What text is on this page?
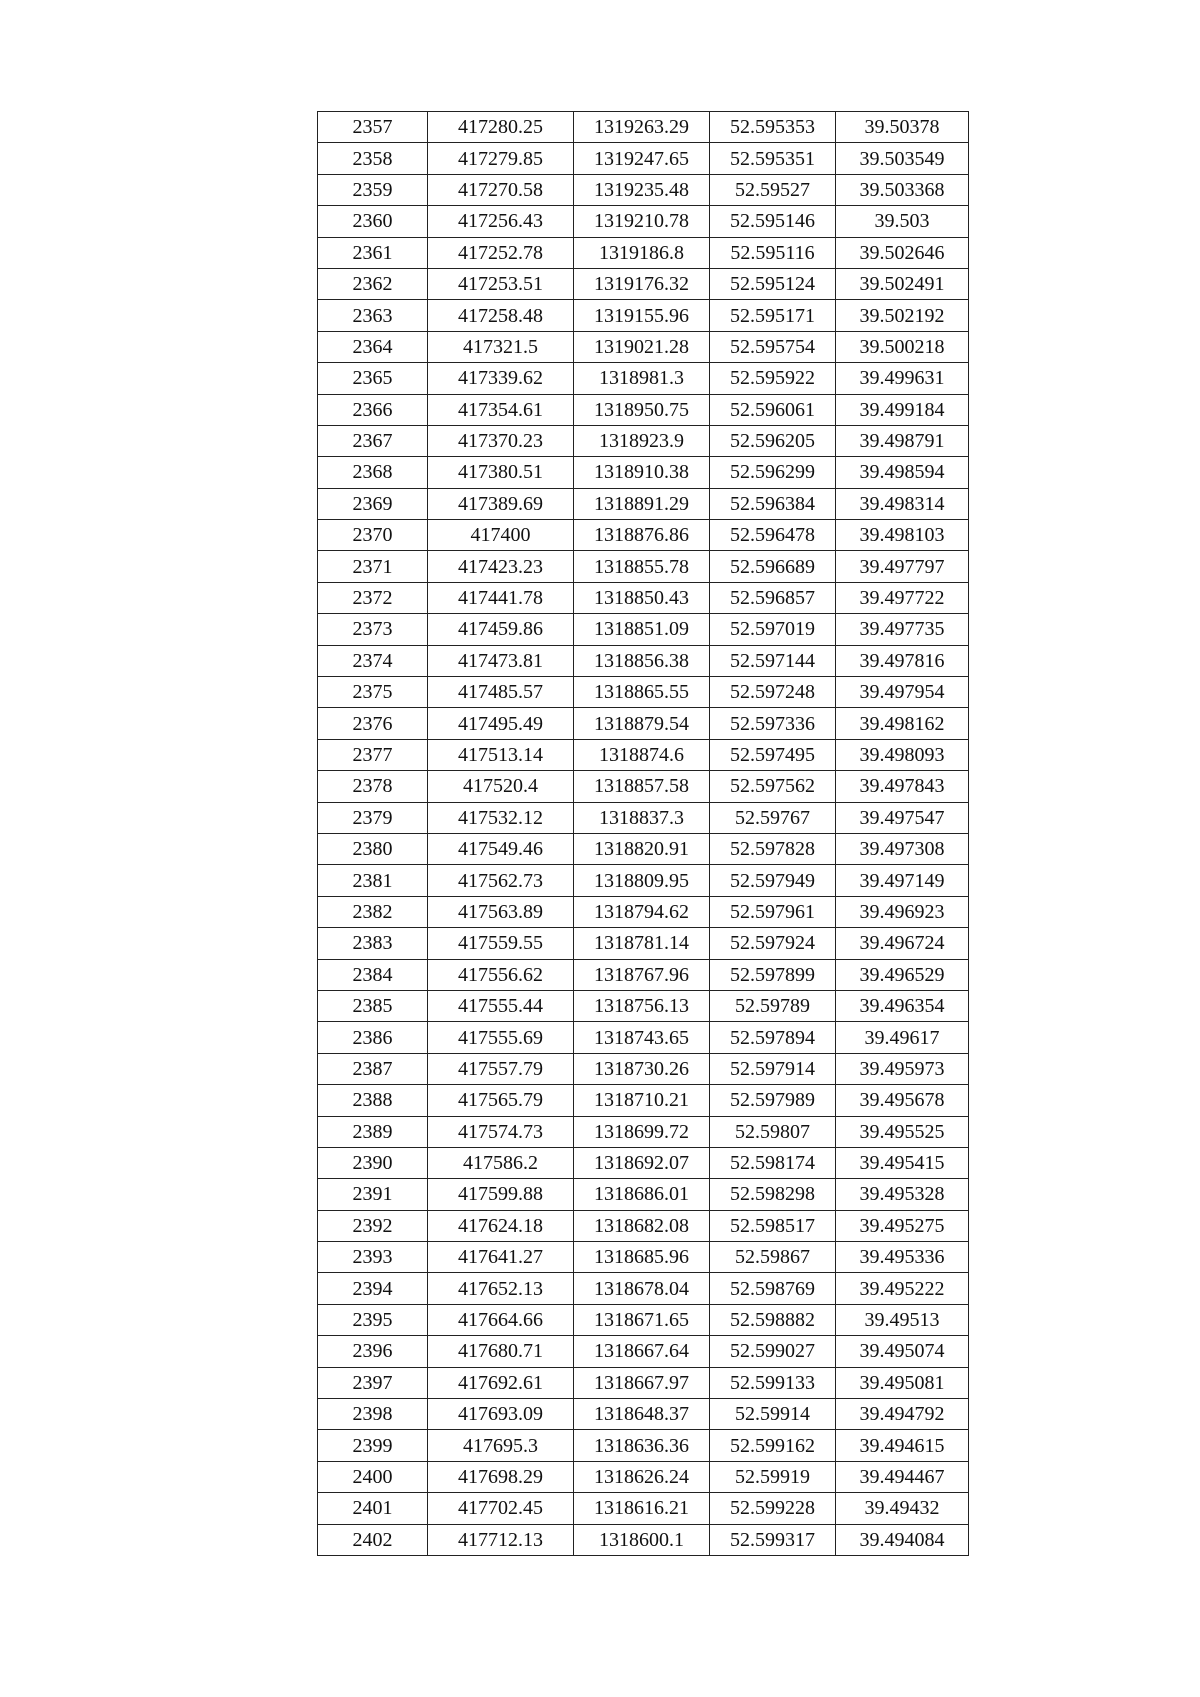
2357	417280.25	1319263.29	52.595353	39.50378
2358	417279.85	1319247.65	52.595351	39.503549
2359	417270.58	1319235.48	52.59527	39.503368
2360	417256.43	1319210.78	52.595146	39.503
2361	417252.78	1319186.8	52.595116	39.502646
2362	417253.51	1319176.32	52.595124	39.502491
2363	417258.48	1319155.96	52.595171	39.502192
2364	417321.5	1319021.28	52.595754	39.500218
2365	417339.62	1318981.3	52.595922	39.499631
2366	417354.61	1318950.75	52.596061	39.499184
2367	417370.23	1318923.9	52.596205	39.498791
2368	417380.51	1318910.38	52.596299	39.498594
2369	417389.69	1318891.29	52.596384	39.498314
2370	417400	1318876.86	52.596478	39.498103
2371	417423.23	1318855.78	52.596689	39.497797
2372	417441.78	1318850.43	52.596857	39.497722
2373	417459.86	1318851.09	52.597019	39.497735
2374	417473.81	1318856.38	52.597144	39.497816
2375	417485.57	1318865.55	52.597248	39.497954
2376	417495.49	1318879.54	52.597336	39.498162
2377	417513.14	1318874.6	52.597495	39.498093
2378	417520.4	1318857.58	52.597562	39.497843
2379	417532.12	1318837.3	52.59767	39.497547
2380	417549.46	1318820.91	52.597828	39.497308
2381	417562.73	1318809.95	52.597949	39.497149
2382	417563.89	1318794.62	52.597961	39.496923
2383	417559.55	1318781.14	52.597924	39.496724
2384	417556.62	1318767.96	52.597899	39.496529
2385	417555.44	1318756.13	52.59789	39.496354
2386	417555.69	1318743.65	52.597894	39.49617
2387	417557.79	1318730.26	52.597914	39.495973
2388	417565.79	1318710.21	52.597989	39.495678
2389	417574.73	1318699.72	52.59807	39.495525
2390	417586.2	1318692.07	52.598174	39.495415
2391	417599.88	1318686.01	52.598298	39.495328
2392	417624.18	1318682.08	52.598517	39.495275
2393	417641.27	1318685.96	52.59867	39.495336
2394	417652.13	1318678.04	52.598769	39.495222
2395	417664.66	1318671.65	52.598882	39.49513
2396	417680.71	1318667.64	52.599027	39.495074
2397	417692.61	1318667.97	52.599133	39.495081
2398	417693.09	1318648.37	52.59914	39.494792
2399	417695.3	1318636.36	52.599162	39.494615
2400	417698.29	1318626.24	52.59919	39.494467
2401	417702.45	1318616.21	52.599228	39.49432
2402	417712.13	1318600.1	52.599317	39.494084
